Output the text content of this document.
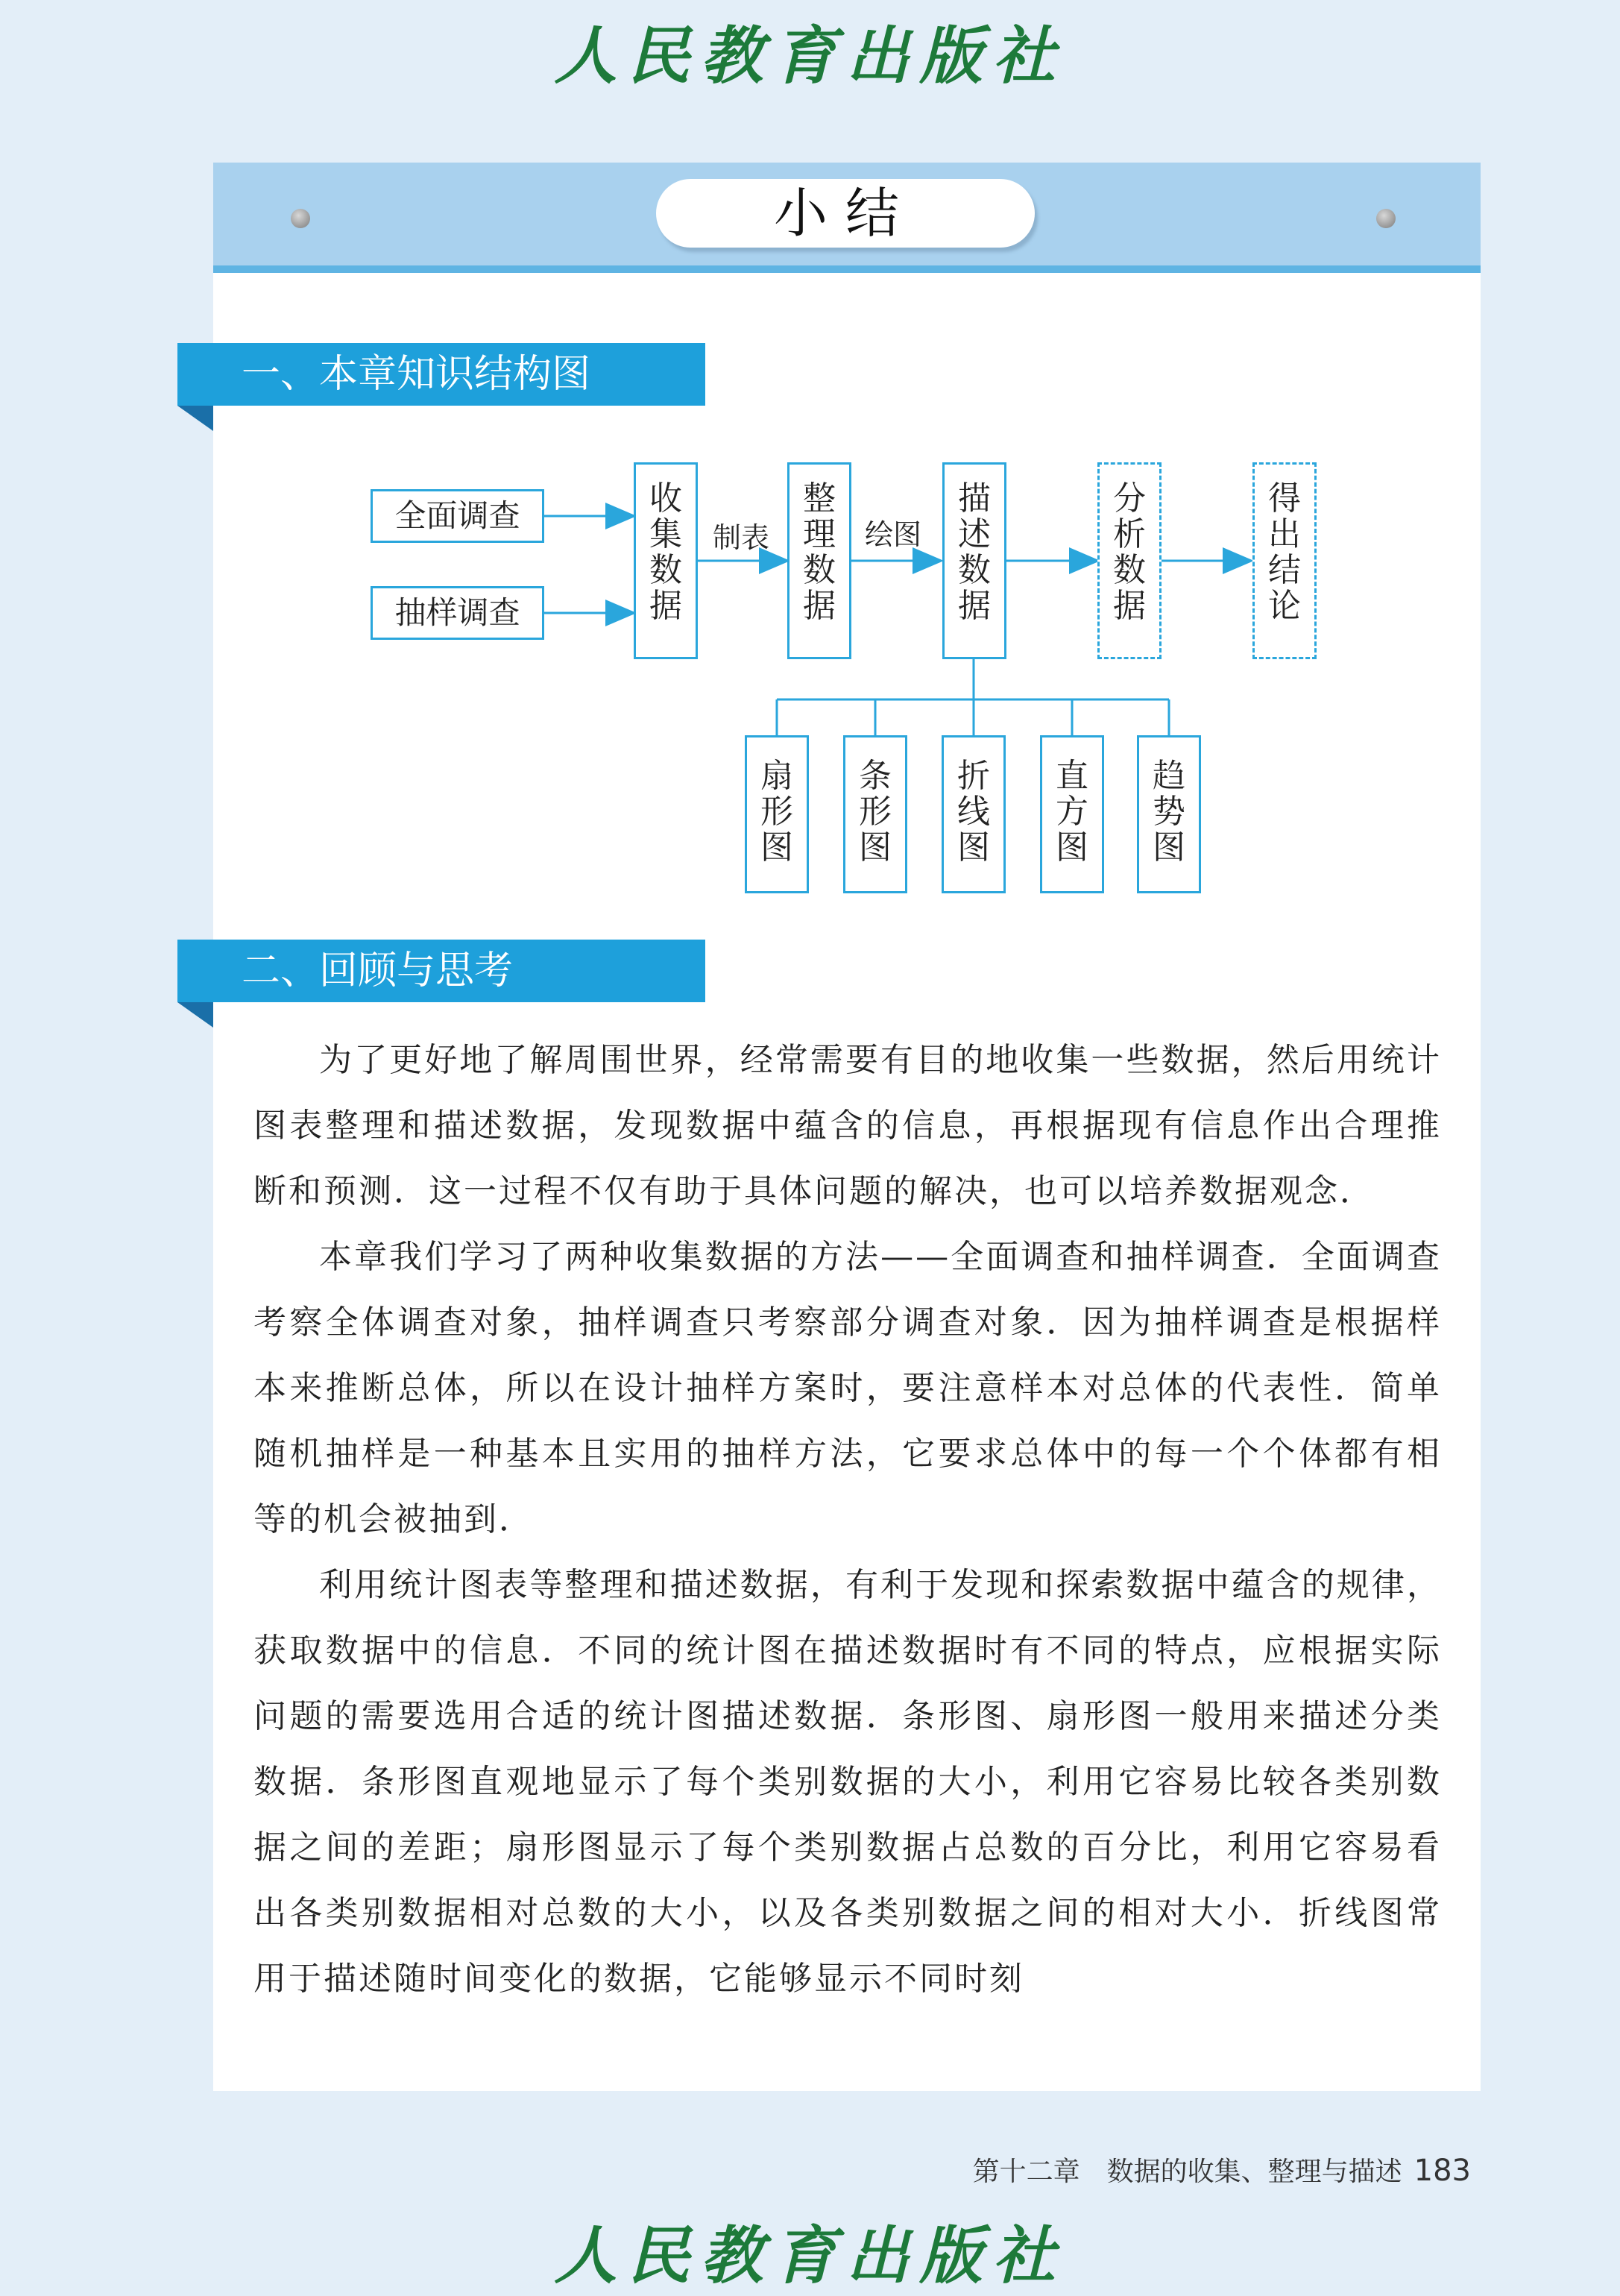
人民教育出版社
小结
一、本章知识结构图
全面调查
抽样调查
收集数据
制表
整理数据
绘图
描述数据
分析数据
得出结论
扇形图
条形图
折线图
直方图
趋势图
二、回顾与思考

为了更好地了解周围世界，经常需要有目的地收集一些数据，然后用统计图表整理和描述数据，发现数据中蕴含的信息，再根据现有信息作出合理推断和预测．这一过程不仅有助于具体问题的解决，也可以培养数据观念．

本章我们学习了两种收集数据的方法——全面调查和抽样调查．全面调查考察全体调查对象，抽样调查只考察部分调查对象．因为抽样调查是根据样本来推断总体，所以在设计抽样方案时，要注意样本对总体的代表性．简单随机抽样是一种基本且实用的抽样方法，它要求总体中的每一个个体都有相等的机会被抽到．

利用统计图表等整理和描述数据，有利于发现和探索数据中蕴含的规律，获取数据中的信息．不同的统计图在描述数据时有不同的特点，应根据实际问题的需要选用合适的统计图描述数据．条形图、扇形图一般用来描述分类数据．条形图直观地显示了每个类别数据的大小，利用它容易比较各类别数据之间的差距；扇形图显示了每个类别数据占总数的百分比，利用它容易看出各类别数据相对总数的大小，以及各类别数据之间的相对大小．折线图常用于描述随时间变化的数据，它能够显示不同时刻

第十二章　数据的收集、整理与描述 183
人民教育出版社
